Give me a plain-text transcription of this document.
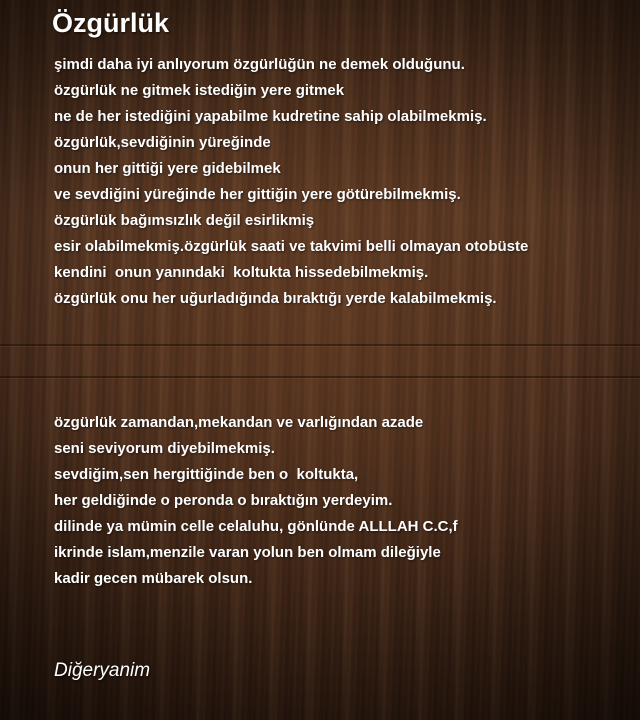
Özgürlük
şimdi daha iyi anlıyorum özgürlüğün ne demek olduğunu.
özgürlük ne gitmek istediğin yere gitmek
ne de her istediğini yapabilme kudretine sahip olabilmekmiş.
özgürlük,sevdiğinin yüreğinde
onun her gittiği yere gidebilmek
ve sevdiğini yüreğinde her gittiğin yere götürebilmekmiş.
özgürlük bağımsızlık değil esirlikmiş
esir olabilmekmiş.özgürlük saati ve takvimi belli olmayan otobüste
kendini  onun yanındaki  koltukta hissedebilmekmiş.
özgürlük onu her uğurladığında bıraktığı yerde kalabilmekmiş.
özgürlük zamandan,mekandan ve varlığından azade
seni seviyorum diyebilmekmiş.
sevdiğim,sen hergittiğinde ben o  koltukta,
her geldiğinde o peronda o bıraktığın yerdeyim.
dilinde ya mümin celle celaluhu, gönlünde ALLLAH C.C,f
ikrinde islam,menzile varan yolun ben olmam dileğiyle
kadir gecen mübarek olsun.
Diğeryanim
